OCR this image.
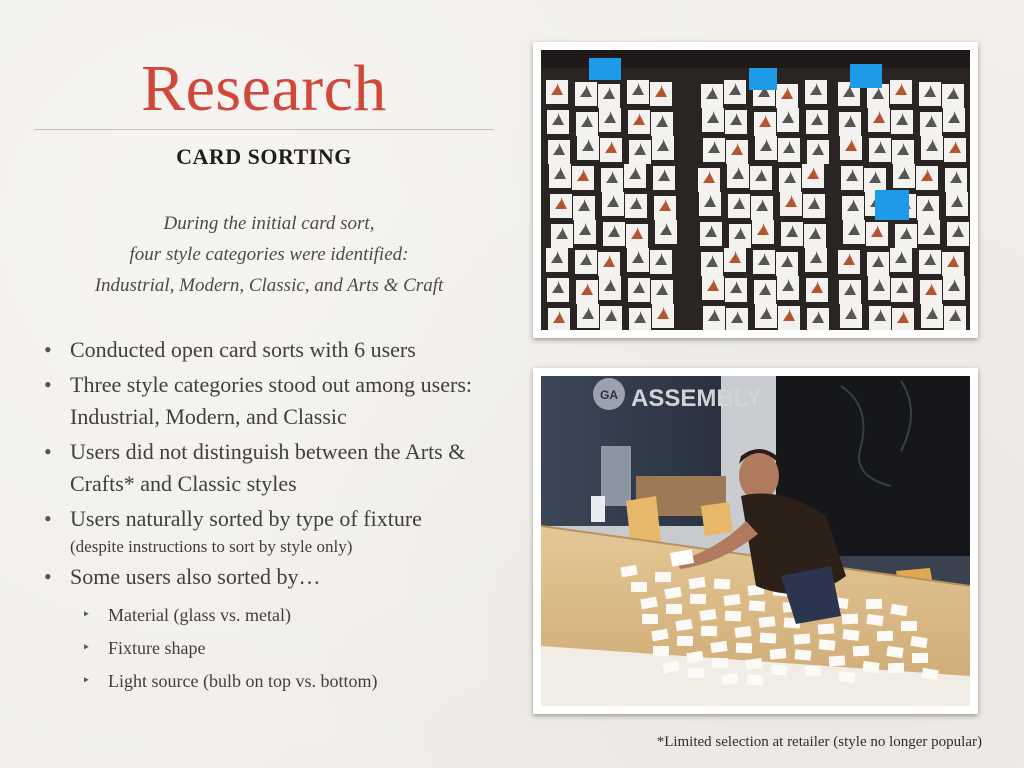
Research
CARD SORTING
During the initial card sort,
four style categories were identified:
Industrial, Modern, Classic, and Arts & Craft
• Conducted open card sorts with 6 users
• Three style categories stood out among users: Industrial, Modern, and Classic
• Users did not distinguish between the Arts & Crafts* and Classic styles
• Users naturally sorted by type of fixture
(despite instructions to sort by style only)
• Some users also sorted by…
‣ Material (glass vs. metal)
‣ Fixture shape
‣ Light source (bulb on top vs. bottom)
GA ASSEMBLY
*Limited selection at retailer (style no longer popular)
